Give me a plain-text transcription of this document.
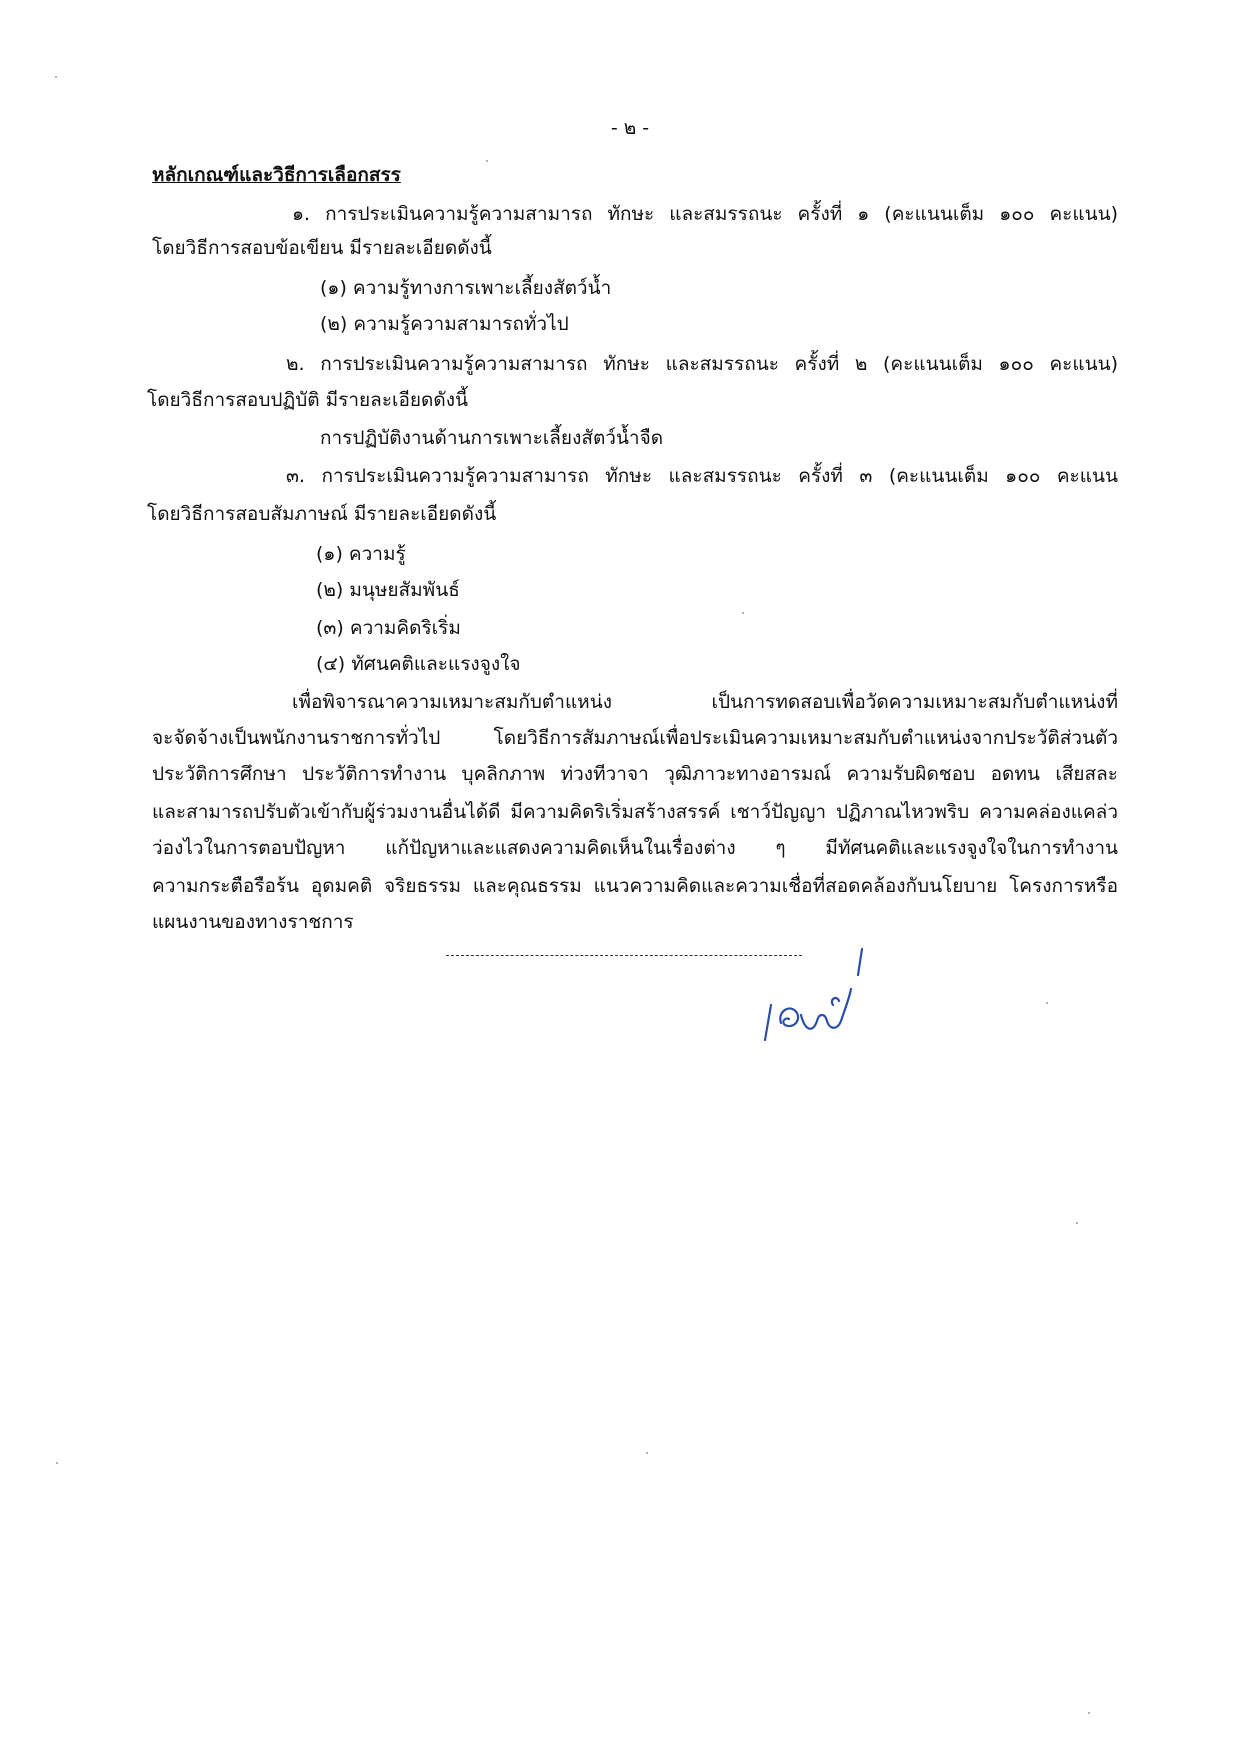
- ๒ -
หลักเกณฑ์และวิธีการเลือกสรร
๑. การประเมินความรู้ความสามารถ ทักษะ และสมรรถนะ ครั้งที่ ๑ (คะแนนเต็ม ๑๐๐ คะแนน)
โดยวิธีการสอบข้อเขียน มีรายละเอียดดังนี้
(๑) ความรู้ทางการเพาะเลี้ยงสัตว์น้ำ
(๒) ความรู้ความสามารถทั่วไป
๒. การประเมินความรู้ความสามารถ ทักษะ และสมรรถนะ ครั้งที่ ๒ (คะแนนเต็ม ๑๐๐ คะแนน)
โดยวิธีการสอบปฏิบัติ มีรายละเอียดดังนี้
การปฏิบัติงานด้านการเพาะเลี้ยงสัตว์น้ำจืด
๓. การประเมินความรู้ความสามารถ ทักษะ และสมรรถนะ ครั้งที่ ๓ (คะแนนเต็ม ๑๐๐ คะแนน
โดยวิธีการสอบสัมภาษณ์ มีรายละเอียดดังนี้
(๑) ความรู้
(๒) มนุษยสัมพันธ์
(๓) ความคิดริเริ่ม
(๔) ทัศนคติและแรงจูงใจ
เพื่อพิจารณาความเหมาะสมกับตำแหน่ง เป็นการทดสอบเพื่อวัดความเหมาะสมกับตำแหน่งที่
จะจัดจ้างเป็นพนักงานราชการทั่วไป โดยวิธีการสัมภาษณ์เพื่อประเมินความเหมาะสมกับตำแหน่งจากประวัติส่วนตัว
ประวัติการศึกษา ประวัติการทำงาน บุคลิกภาพ ท่วงทีวาจา วุฒิภาวะทางอารมณ์ ความรับผิดชอบ อดทน เสียสละ
และสามารถปรับตัวเข้ากับผู้ร่วมงานอื่นได้ดี มีความคิดริเริ่มสร้างสรรค์ เชาว์ปัญญา ปฏิภาณไหวพริบ ความคล่องแคล่ว
ว่องไวในการตอบปัญหา แก้ปัญหาและแสดงความคิดเห็นในเรื่องต่าง ๆ มีทัศนคติและแรงจูงใจในการทำงาน
ความกระตือรือร้น อุดมคติ จริยธรรม และคุณธรรม แนวความคิดและความเชื่อที่สอดคล้องกับนโยบาย โครงการหรือ
แผนงานของทางราชการ
